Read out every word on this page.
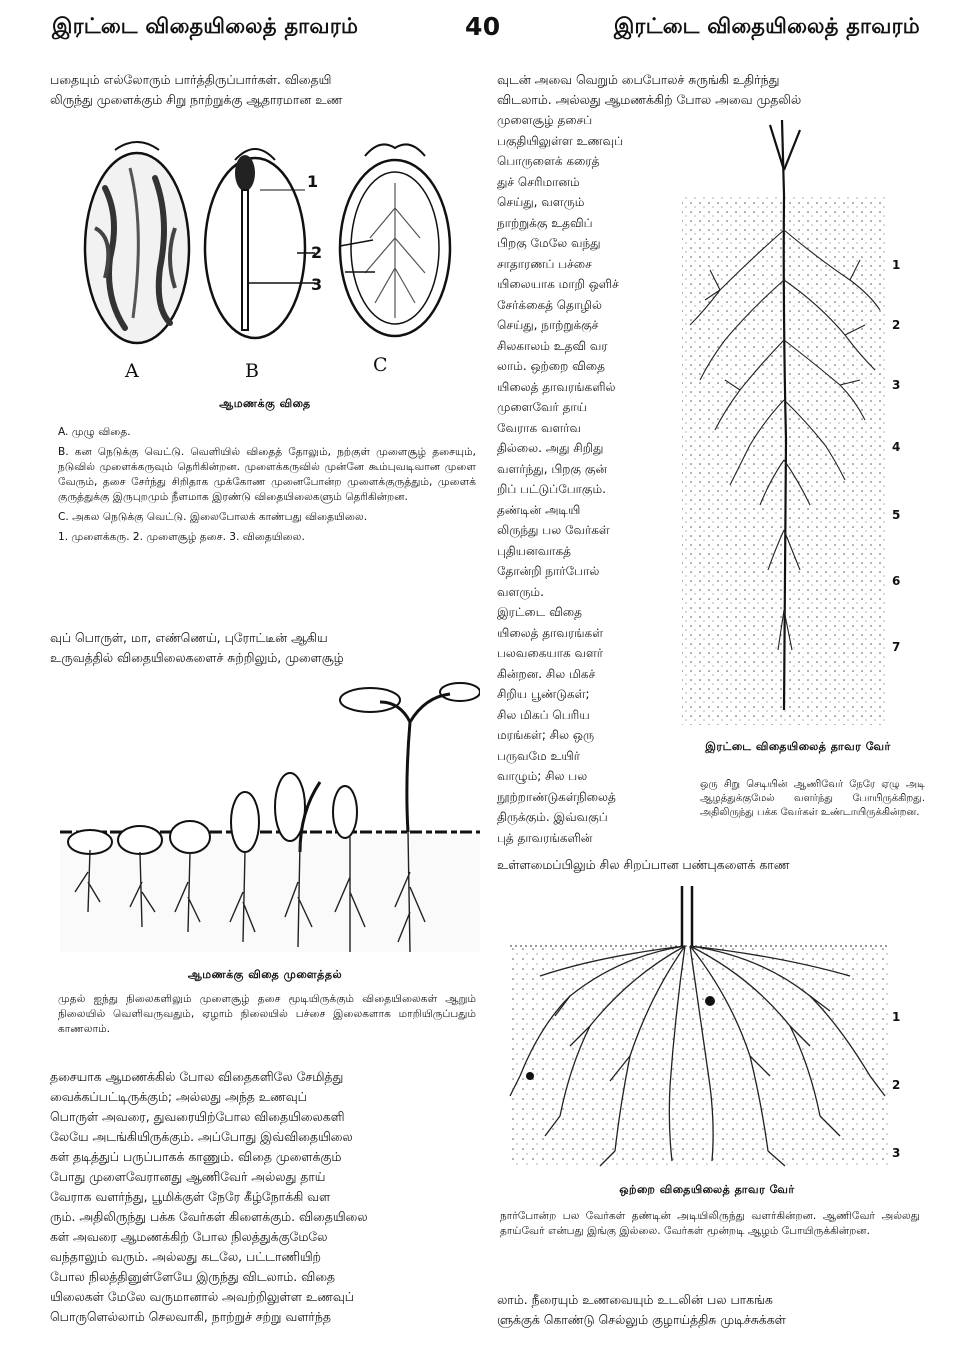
இரட்டை விதையிலைத் தாவரம்	40	இரட்டை விதையிலைத் தாவரம்

பதையும் எல்லோரும் பார்த்திருப்பார்கள். விதையி

லிருந்து முளைக்கும் சிறு நாற்றுக்கு ஆதாரமான உண

1
2
3
A	B	C
ஆமணக்கு விதை

A. முழு விதை.

B. கன நெடுக்கு வெட்டு. வெளியில் விதைத் தோலும், நற்குள் முளைசூழ் தசையும், நடுவில் முளைக்கருவும் தெரிகின்றன. முளைக்கருவில் முன்னே கூம்புவடிவான முளை வேரும், தசை சேர்ந்து சிறிதாக முக்கோண முனைபோன்ற முளைக்குருத்தும், முளைக் குருத்துக்கு இருபுறமும் நீளமாக இரண்டு விதையிலைகளும் தெரிகின்றன.

C. அகல நெடுக்கு வெட்டு. இலைபோலக் காண்பது விதையிலை.

1. முளைக்கரு. 2. முளைசூழ் தசை. 3. விதையிலை.

வுப் பொருள், மா, எண்ணெய், புரோட்டீன் ஆகிய

உருவத்தில் விதையிலைகளைச் சுற்றிலும், முளைசூழ்

ஆமணக்கு விதை முளைத்தல்
முதல் ஐந்து நிலைகளிலும் முளைசூழ் தசை மூடியிருக்கும் விதையிலைகள் ஆறும் நிலையில் வெளிவருவதும், ஏழாம் நிலையில் பச்சை இலைகளாக மாறியிருப்பதும் காணலாம்.

தசையாக ஆமணக்கில் போல விதைகளிலே சேமித்து

வைக்கப்பட்டிருக்கும்; அல்லது அந்த உணவுப்

பொருள் அவரை, துவரையிற்போல விதையிலைகளி

லேயே அடங்கியிருக்கும். அப்போது இவ்விதையிலை

கள் தடித்துப் பருப்பாகக் காணும். விதை முளைக்கும்

போது முளைவேரானது ஆணிவேர் அல்லது தாய்

வேராக வளர்ந்து, பூமிக்குள் நேரே கீழ்நோக்கி வள

ரும். அதிலிருந்து பக்க வேர்கள் கிளைக்கும். விதையிலை

கள் அவரை ஆமணக்கிற் போல நிலத்துக்குமேலே

வந்தாலும் வரும். அல்லது கடலே, பட்டாணியிற்

போல நிலத்தினுள்ளேயே இருந்து விடலாம். விதை

யிலைகள் மேலே வருமானால் அவற்றிலுள்ள உணவுப்

பொருளெல்லாம் செலவாகி, நாற்றுச் சற்று வளர்ந்த

வுடன் அவை வெறும் பைபோலச் சுருங்கி உதிர்ந்து

விடலாம். அல்லது ஆமணக்கிற் போல அவை முதலில்

முளைசூழ் தசைப்

பகுதியிலுள்ள உணவுப்

பொருளைக் கரைத்

துச் செரிமானம்

செய்து, வளரும்

நாற்றுக்கு உதவிப்

பிறகு மேலே வந்து

சாதாரணப் பச்சை

யிலையாக மாறி ஒளிச்

சேர்க்கைத் தொழில்

செய்து, நாற்றுக்குச்

சிலகாலம் உதவி வர

லாம். ஒற்றை விதை

யிலைத் தாவரங்களில்

முளைவேர் தாய்

வேராக வளர்வ

தில்லை. அது சிறிது

வளர்ந்து, பிறகு குன்

றிப் பட்டுப்போகும்.

தண்டின் அடியி

லிருந்து பல வேர்கள்

புதியனவாகத்

தோன்றி நார்போல்

வளரும்.

இரட்டை விதை

யிலைத் தாவரங்கள்

பலவகையாக வளர்

கின்றன. சில மிகச்

சிறிய பூண்டுகள்;

சில மிகப் பெரிய

மரங்கள்; சில ஒரு

பருவமே உயிர்

வாழும்; சில பல

நூற்றாண்டுகள்நிலைத்

திருக்கும். இவ்வகுப்

புத் தாவரங்களின்

1
2
3
4
5
6
7
இரட்டை விதையிலைத் தாவர வேர்
ஒரு சிறு செடியின் ஆணிவேர் நேரே ஏழு அடி ஆழத்துக்குமேல் வளர்ந்து போயிருக்கிறது. அதிலிருந்து பக்க வேர்கள் உண்டாயிருக்கின்றன.
உள்ளமைப்பிலும் சில சிறப்பான பண்புகளைக் காண
1
2
3
ஒற்றை விதையிலைத் தாவர வேர்
நார்போன்ற பல வேர்கள் தண்டின் அடியிலிருந்து வளர்கின்றன. ஆணிவேர் அல்லது தாய்வேர் என்பது இங்கு இல்லை. வேர்கள் மூன்றடி ஆழம் போயிருக்கின்றன.

லாம். நீரையும் உணவையும் உடலின் பல பாகங்க

ளுக்குக் கொண்டு செல்லும் குழாய்த்திசு முடிச்சுக்கள்
